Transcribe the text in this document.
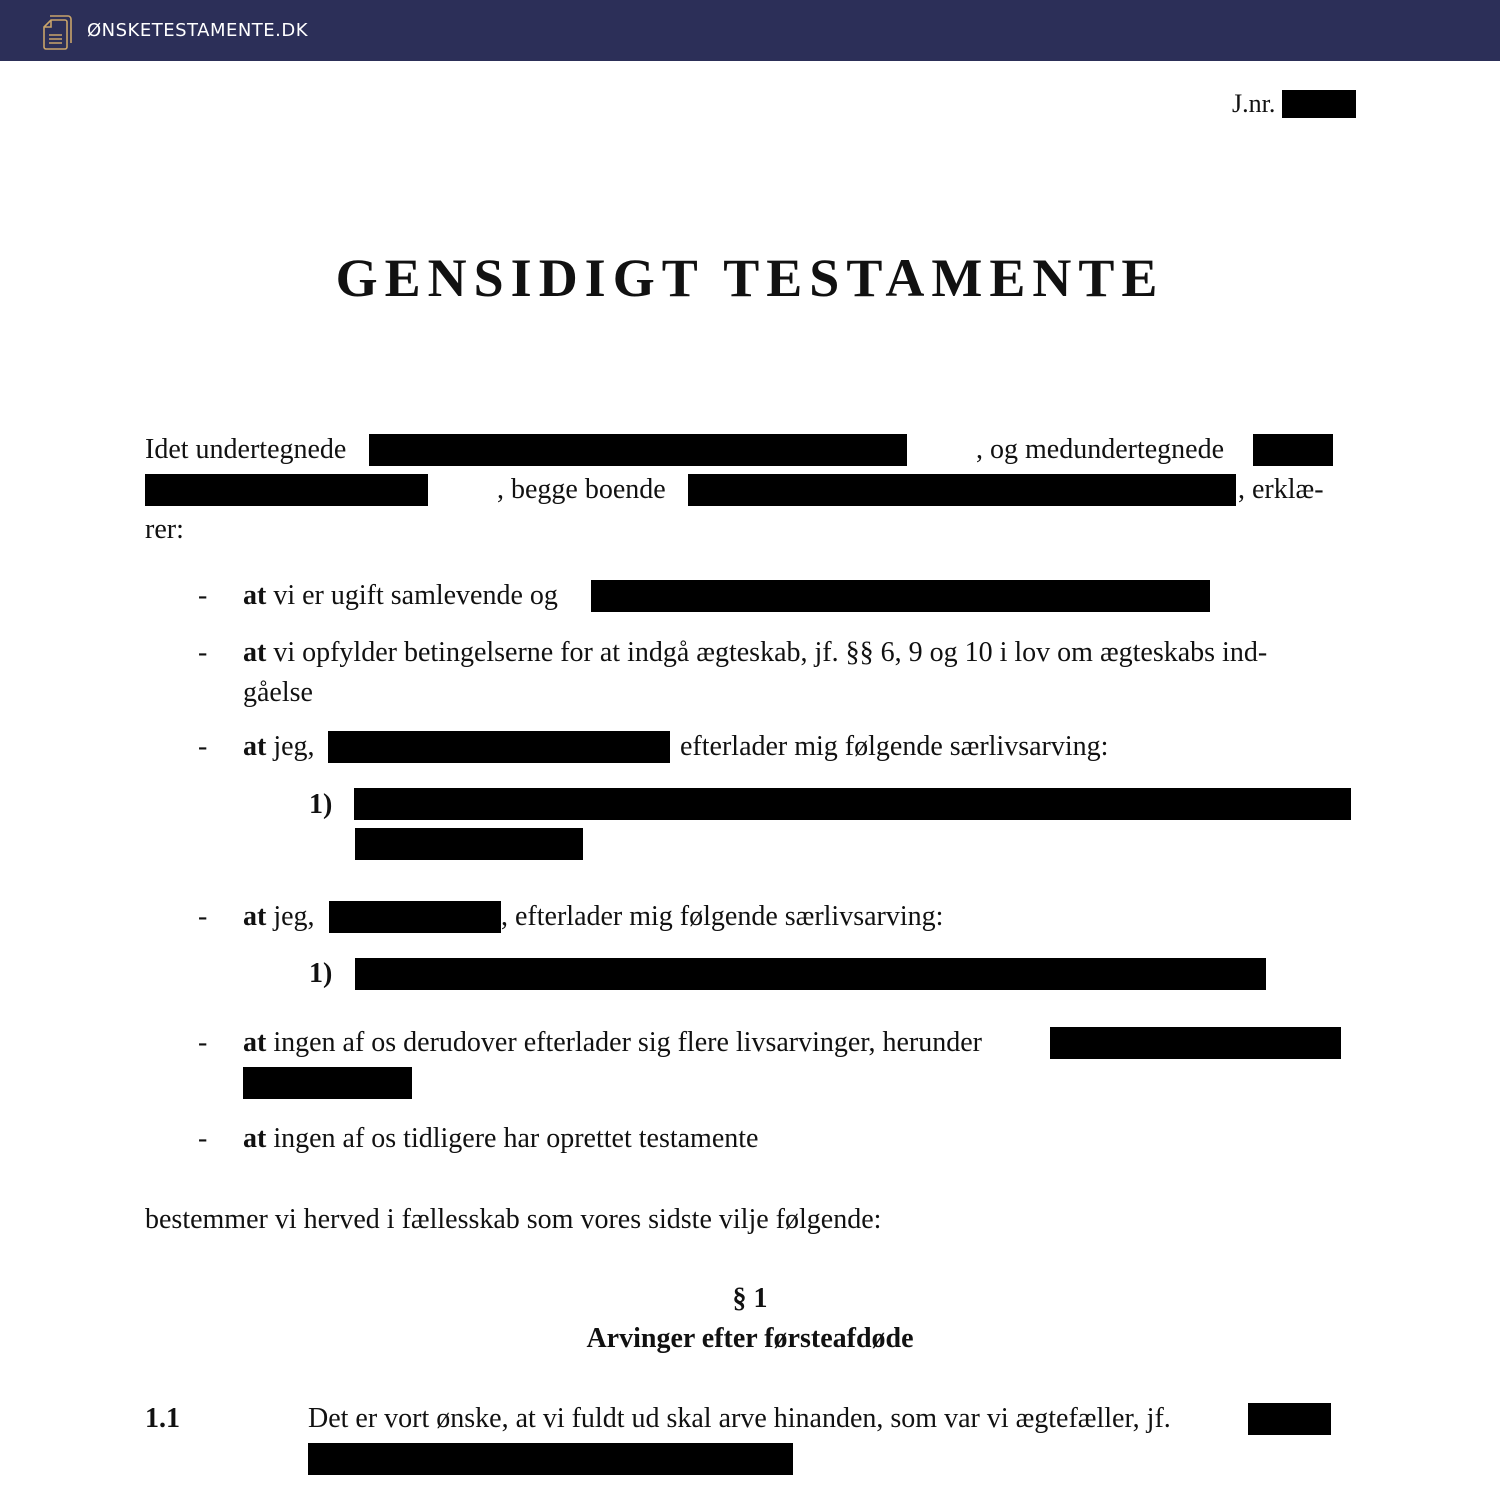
ØNSKETESTAMENTE.DK
J.nr.
GENSIDIGT TESTAMENTE
Idet undertegnede	, og medundertegnede
, begge boende	, erklæ-
rer:
- at vi er ugift samlevende og
- at vi opfylder betingelserne for at indgå ægteskab, jf. §§ 6, 9 og 10 i lov om ægteskabs ind-
gåelse
- at jeg,	efterlader mig følgende særlivsarving:
1)
- at jeg,	, efterlader mig følgende særlivsarving:
1)
- at ingen af os derudover efterlader sig flere livsarvinger, herunder
- at ingen af os tidligere har oprettet testamente
bestemmer vi herved i fællesskab som vores sidste vilje følgende:
§ 1
Arvinger efter førsteafdøde
1.1	Det er vort ønske, at vi fuldt ud skal arve hinanden, som var vi ægtefæller, jf.
